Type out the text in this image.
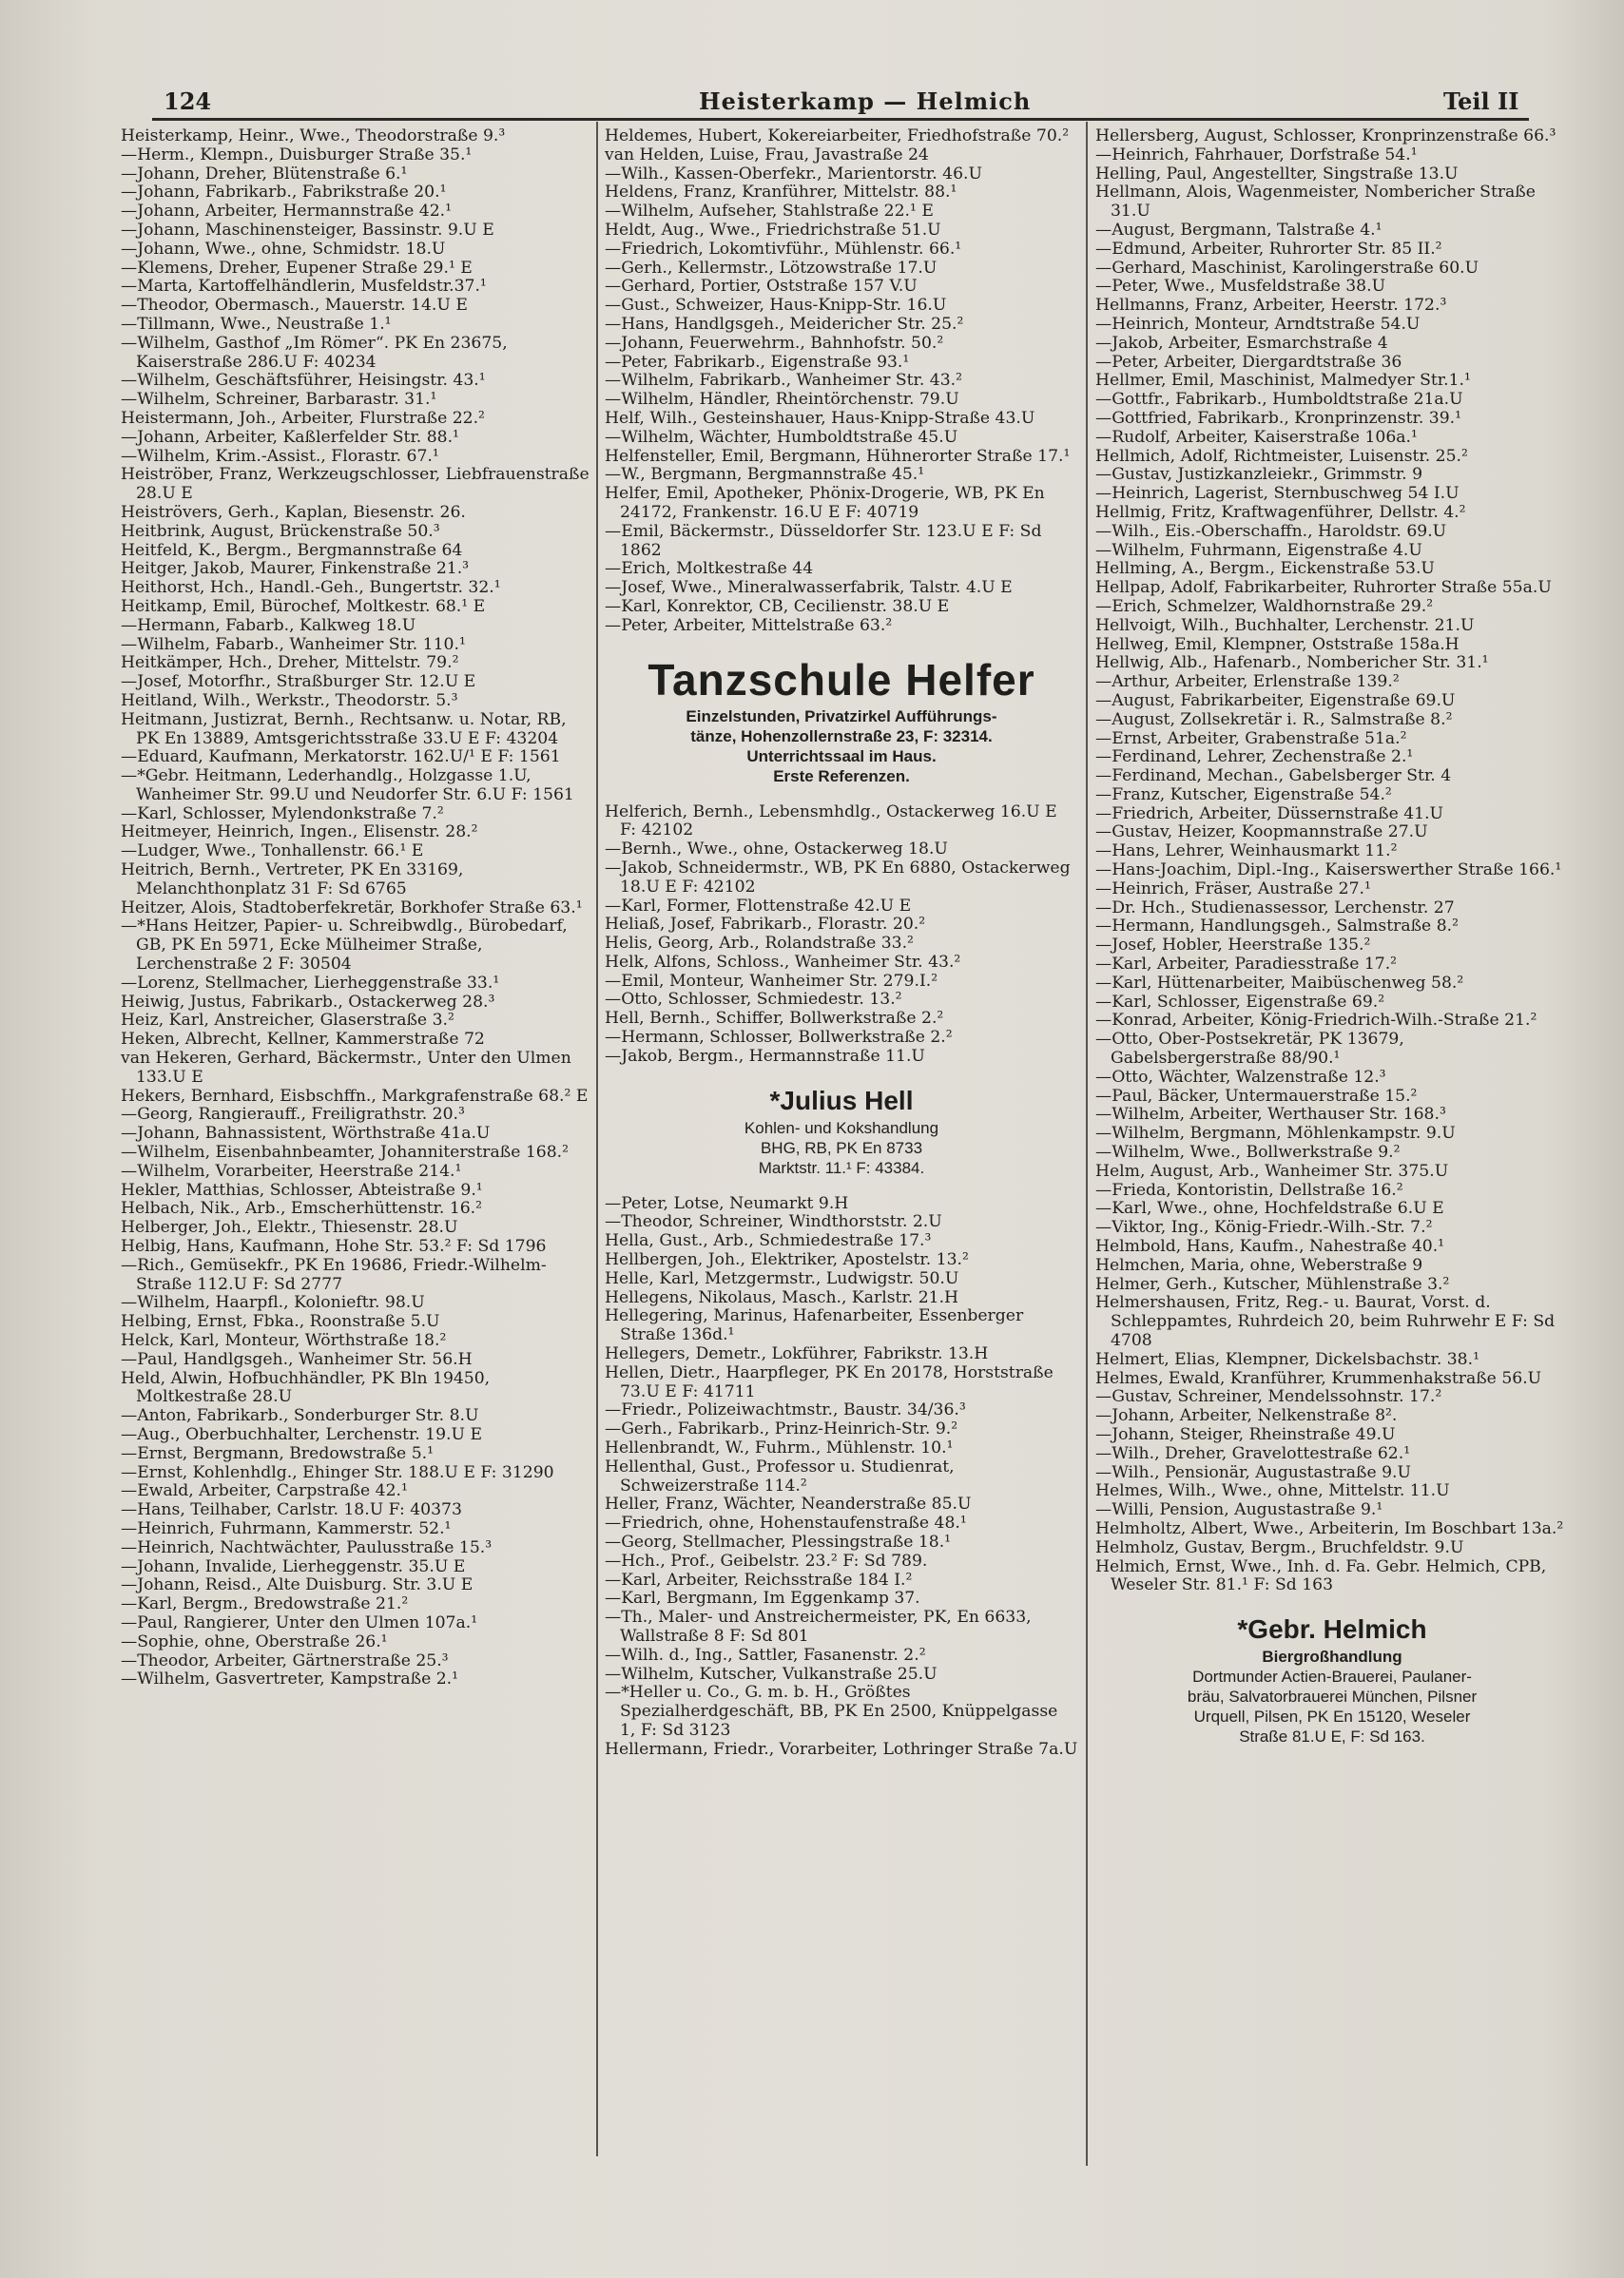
124	Heisterkamp — Helmich	Teil II

Heisterkamp, Heinr., Wwe., Theodorstraße 9.³

—Herm., Klempn., Duisburger Straße 35.¹

—Johann, Dreher, Blütenstraße 6.¹

—Johann, Fabrikarb., Fabrikstraße 20.¹

—Johann, Arbeiter, Hermannstraße 42.¹

—Johann, Maschinensteiger, Bassinstr. 9.U E

—Johann, Wwe., ohne, Schmidstr. 18.U

—Klemens, Dreher, Eupener Straße 29.¹ E

—Marta, Kartoffelhändlerin, Musfeldstr.37.¹

—Theodor, Obermasch., Mauerstr. 14.U E

—Tillmann, Wwe., Neustraße 1.¹

—Wilhelm, Gasthof „Im Römer“. PK En 23675, Kaiserstraße 286.U F: 40234

—Wilhelm, Geschäftsführer, Heisingstr. 43.¹

—Wilhelm, Schreiner, Barbarastr. 31.¹

Heistermann, Joh., Arbeiter, Flurstraße 22.²

—Johann, Arbeiter, Kaßlerfelder Str. 88.¹

—Wilhelm, Krim.-Assist., Florastr. 67.¹

Heiströber, Franz, Werkzeugschlosser, Liebfrauenstraße 28.U E

Heiströvers, Gerh., Kaplan, Biesenstr. 26.

Heitbrink, August, Brückenstraße 50.³

Heitfeld, K., Bergm., Bergmannstraße 64

Heitger, Jakob, Maurer, Finkenstraße 21.³

Heithorst, Hch., Handl.-Geh., Bungertstr. 32.¹

Heitkamp, Emil, Bürochef, Moltkestr. 68.¹ E

—Hermann, Fabarb., Kalkweg 18.U

—Wilhelm, Fabarb., Wanheimer Str. 110.¹

Heitkämper, Hch., Dreher, Mittelstr. 79.²

—Josef, Motorfhr., Straßburger Str. 12.U E

Heitland, Wilh., Werkstr., Theodorstr. 5.³

Heitmann, Justizrat, Bernh., Rechtsanw. u. Notar, RB, PK En 13889, Amtsgerichtsstraße 33.U E F: 43204

—Eduard, Kaufmann, Merkatorstr. 162.U/¹ E F: 1561

—*Gebr. Heitmann, Lederhandlg., Holzgasse 1.U, Wanheimer Str. 99.U und Neudorfer Str. 6.U F: 1561

—Karl, Schlosser, Mylendonkstraße 7.²

Heitmeyer, Heinrich, Ingen., Elisenstr. 28.²

—Ludger, Wwe., Tonhallenstr. 66.¹ E

Heitrich, Bernh., Vertreter, PK En 33169, Melanchthonplatz 31 F: Sd 6765

Heitzer, Alois, Stadtoberfekretär, Borkhofer Straße 63.¹

—*Hans Heitzer, Papier- u. Schreibwdlg., Bürobedarf, GB, PK En 5971, Ecke Mülheimer Straße, Lerchenstraße 2 F: 30504

—Lorenz, Stellmacher, Lierheggenstraße 33.¹

Heiwig, Justus, Fabrikarb., Ostackerweg 28.³

Heiz, Karl, Anstreicher, Glaserstraße 3.²

Heken, Albrecht, Kellner, Kammerstraße 72

van Hekeren, Gerhard, Bäckermstr., Unter den Ulmen 133.U E

Hekers, Bernhard, Eisbschffn., Markgrafenstraße 68.² E

—Georg, Rangierauff., Freiligrathstr. 20.³

—Johann, Bahnassistent, Wörthstraße 41a.U

—Wilhelm, Eisenbahnbeamter, Johanniterstraße 168.²

—Wilhelm, Vorarbeiter, Heerstraße 214.¹

Hekler, Matthias, Schlosser, Abteistraße 9.¹

Helbach, Nik., Arb., Emscherhüttenstr. 16.²

Helberger, Joh., Elektr., Thiesenstr. 28.U

Helbig, Hans, Kaufmann, Hohe Str. 53.² F: Sd 1796

—Rich., Gemüsekfr., PK En 19686, Friedr.-Wilhelm-Straße 112.U F: Sd 2777

—Wilhelm, Haarpfl., Kolonieftr. 98.U

Helbing, Ernst, Fbka., Roonstraße 5.U

Helck, Karl, Monteur, Wörthstraße 18.²

—Paul, Handlgsgeh., Wanheimer Str. 56.H

Held, Alwin, Hofbuchhändler, PK Bln 19450, Moltkestraße 28.U

—Anton, Fabrikarb., Sonderburger Str. 8.U

—Aug., Oberbuchhalter, Lerchenstr. 19.U E

—Ernst, Bergmann, Bredowstraße 5.¹

—Ernst, Kohlenhdlg., Ehinger Str. 188.U E F: 31290

—Ewald, Arbeiter, Carpstraße 42.¹

—Hans, Teilhaber, Carlstr. 18.U F: 40373

—Heinrich, Fuhrmann, Kammerstr. 52.¹

—Heinrich, Nachtwächter, Paulusstraße 15.³

—Johann, Invalide, Lierheggenstr. 35.U E

—Johann, Reisd., Alte Duisburg. Str. 3.U E

—Karl, Bergm., Bredowstraße 21.²

—Paul, Rangierer, Unter den Ulmen 107a.¹

—Sophie, ohne, Oberstraße 26.¹

—Theodor, Arbeiter, Gärtnerstraße 25.³

—Wilhelm, Gasvertreter, Kampstraße 2.¹

Heldemes, Hubert, Kokereiarbeiter, Friedhofstraße 70.²

van Helden, Luise, Frau, Javastraße 24

—Wilh., Kassen-Oberfekr., Marientorstr. 46.U

Heldens, Franz, Kranführer, Mittelstr. 88.¹

—Wilhelm, Aufseher, Stahlstraße 22.¹ E

Heldt, Aug., Wwe., Friedrichstraße 51.U

—Friedrich, Lokomtivführ., Mühlenstr. 66.¹

—Gerh., Kellermstr., Lötzowstraße 17.U

—Gerhard, Portier, Oststraße 157 V.U

—Gust., Schweizer, Haus-Knipp-Str. 16.U

—Hans, Handlgsgeh., Meidericher Str. 25.²

—Johann, Feuerwehrm., Bahnhofstr. 50.²

—Peter, Fabrikarb., Eigenstraße 93.¹

—Wilhelm, Fabrikarb., Wanheimer Str. 43.²

—Wilhelm, Händler, Rheintörchenstr. 79.U

Helf, Wilh., Gesteinshauer, Haus-Knipp-Straße 43.U

—Wilhelm, Wächter, Humboldtstraße 45.U

Helfensteller, Emil, Bergmann, Hühnerorter Straße 17.¹

—W., Bergmann, Bergmannstraße 45.¹

Helfer, Emil, Apotheker, Phönix-Drogerie, WB, PK En 24172, Frankenstr. 16.U E F: 40719

—Emil, Bäckermstr., Düsseldorfer Str. 123.U E F: Sd 1862

—Erich, Moltkestraße 44

—Josef, Wwe., Mineralwasserfabrik, Talstr. 4.U E

—Karl, Konrektor, CB, Cecilienstr. 38.U E

—Peter, Arbeiter, Mittelstraße 63.²

Tanzschule Helfer

Einzelstunden, Privatzirkel Aufführungs-

tänze, Hohenzollernstraße 23, F: 32314.

Unterrichtssaal im Haus.

Erste Referenzen.

Helferich, Bernh., Lebensmhdlg., Ostackerweg 16.U E F: 42102

—Bernh., Wwe., ohne, Ostackerweg 18.U

—Jakob, Schneidermstr., WB, PK En 6880, Ostackerweg 18.U E F: 42102

—Karl, Former, Flottenstraße 42.U E

Heliaß, Josef, Fabrikarb., Florastr. 20.²

Helis, Georg, Arb., Rolandstraße 33.²

Helk, Alfons, Schloss., Wanheimer Str. 43.²

—Emil, Monteur, Wanheimer Str. 279.I.²

—Otto, Schlosser, Schmiedestr. 13.²

Hell, Bernh., Schiffer, Bollwerkstraße 2.²

—Hermann, Schlosser, Bollwerkstraße 2.²

—Jakob, Bergm., Hermannstraße 11.U

*Julius Hell

Kohlen- und Kokshandlung

BHG, RB, PK En 8733

Marktstr. 11.¹ F: 43384.

—Peter, Lotse, Neumarkt 9.H

—Theodor, Schreiner, Windthorststr. 2.U

Hella, Gust., Arb., Schmiedestraße 17.³

Hellbergen, Joh., Elektriker, Apostelstr. 13.²

Helle, Karl, Metzgermstr., Ludwigstr. 50.U

Hellegens, Nikolaus, Masch., Karlstr. 21.H

Hellegering, Marinus, Hafenarbeiter, Essenberger Straße 136d.¹

Hellegers, Demetr., Lokführer, Fabrikstr. 13.H

Hellen, Dietr., Haarpfleger, PK En 20178, Horststraße 73.U E F: 41711

—Friedr., Polizeiwachtmstr., Baustr. 34/36.³

—Gerh., Fabrikarb., Prinz-Heinrich-Str. 9.²

Hellenbrandt, W., Fuhrm., Mühlenstr. 10.¹

Hellenthal, Gust., Professor u. Studienrat, Schweizerstraße 114.²

Heller, Franz, Wächter, Neanderstraße 85.U

—Friedrich, ohne, Hohenstaufenstraße 48.¹

—Georg, Stellmacher, Plessingstraße 18.¹

—Hch., Prof., Geibelstr. 23.² F: Sd 789.

—Karl, Arbeiter, Reichsstraße 184 I.²

—Karl, Bergmann, Im Eggenkamp 37.

—Th., Maler- und Anstreichermeister, PK, En 6633, Wallstraße 8 F: Sd 801

—Wilh. d., Ing., Sattler, Fasanenstr. 2.²

—Wilhelm, Kutscher, Vulkanstraße 25.U

—*Heller u. Co., G. m. b. H., Größtes Spezialherdgeschäft, BB, PK En 2500, Knüppelgasse 1, F: Sd 3123

Hellermann, Friedr., Vorarbeiter, Lothringer Straße 7a.U

Hellersberg, August, Schlosser, Kronprinzenstraße 66.³

—Heinrich, Fahrhauer, Dorfstraße 54.¹

Helling, Paul, Angestellter, Singstraße 13.U

Hellmann, Alois, Wagenmeister, Nombericher Straße 31.U

—August, Bergmann, Talstraße 4.¹

—Edmund, Arbeiter, Ruhrorter Str. 85 II.²

—Gerhard, Maschinist, Karolingerstraße 60.U

—Peter, Wwe., Musfeldstraße 38.U

Hellmanns, Franz, Arbeiter, Heerstr. 172.³

—Heinrich, Monteur, Arndtstraße 54.U

—Jakob, Arbeiter, Esmarchstraße 4

—Peter, Arbeiter, Diergardtstraße 36

Hellmer, Emil, Maschinist, Malmedyer Str.1.¹

—Gottfr., Fabrikarb., Humboldtstraße 21a.U

—Gottfried, Fabrikarb., Kronprinzenstr. 39.¹

—Rudolf, Arbeiter, Kaiserstraße 106a.¹

Hellmich, Adolf, Richtmeister, Luisenstr. 25.²

—Gustav, Justizkanzleiekr., Grimmstr. 9

—Heinrich, Lagerist, Sternbuschweg 54 I.U

Hellmig, Fritz, Kraftwagenführer, Dellstr. 4.²

—Wilh., Eis.-Oberschaffn., Haroldstr. 69.U

—Wilhelm, Fuhrmann, Eigenstraße 4.U

Hellming, A., Bergm., Eickenstraße 53.U

Hellpap, Adolf, Fabrikarbeiter, Ruhrorter Straße 55a.U

—Erich, Schmelzer, Waldhornstraße 29.²

Hellvoigt, Wilh., Buchhalter, Lerchenstr. 21.U

Hellweg, Emil, Klempner, Oststraße 158a.H

Hellwig, Alb., Hafenarb., Nombericher Str. 31.¹

—Arthur, Arbeiter, Erlenstraße 139.²

—August, Fabrikarbeiter, Eigenstraße 69.U

—August, Zollsekretär i. R., Salmstraße 8.²

—Ernst, Arbeiter, Grabenstraße 51a.²

—Ferdinand, Lehrer, Zechenstraße 2.¹

—Ferdinand, Mechan., Gabelsberger Str. 4

—Franz, Kutscher, Eigenstraße 54.²

—Friedrich, Arbeiter, Düssernstraße 41.U

—Gustav, Heizer, Koopmannstraße 27.U

—Hans, Lehrer, Weinhausmarkt 11.²

—Hans-Joachim, Dipl.-Ing., Kaiserswerther Straße 166.¹

—Heinrich, Fräser, Austraße 27.¹

—Dr. Hch., Studienassessor, Lerchenstr. 27

—Hermann, Handlungsgeh., Salmstraße 8.²

—Josef, Hobler, Heerstraße 135.²

—Karl, Arbeiter, Paradiesstraße 17.²

—Karl, Hüttenarbeiter, Maibüschenweg 58.²

—Karl, Schlosser, Eigenstraße 69.²

—Konrad, Arbeiter, König-Friedrich-Wilh.-Straße 21.²

—Otto, Ober-Postsekretär, PK 13679, Gabelsbergerstraße 88/90.¹

—Otto, Wächter, Walzenstraße 12.³

—Paul, Bäcker, Untermauerstraße 15.²

—Wilhelm, Arbeiter, Werthauser Str. 168.³

—Wilhelm, Bergmann, Möhlenkampstr. 9.U

—Wilhelm, Wwe., Bollwerkstraße 9.²

Helm, August, Arb., Wanheimer Str. 375.U

—Frieda, Kontoristin, Dellstraße 16.²

—Karl, Wwe., ohne, Hochfeldstraße 6.U E

—Viktor, Ing., König-Friedr.-Wilh.-Str. 7.²

Helmbold, Hans, Kaufm., Nahestraße 40.¹

Helmchen, Maria, ohne, Weberstraße 9

Helmer, Gerh., Kutscher, Mühlenstraße 3.²

Helmershausen, Fritz, Reg.- u. Baurat, Vorst. d. Schleppamtes, Ruhrdeich 20, beim Ruhrwehr E F: Sd 4708

Helmert, Elias, Klempner, Dickelsbachstr. 38.¹

Helmes, Ewald, Kranführer, Krummenhakstraße 56.U

—Gustav, Schreiner, Mendelssohnstr. 17.²

—Johann, Arbeiter, Nelkenstraße 8².

—Johann, Steiger, Rheinstraße 49.U

—Wilh., Dreher, Gravelottestraße 62.¹

—Wilh., Pensionär, Augustastraße 9.U

Helmes, Wilh., Wwe., ohne, Mittelstr. 11.U

—Willi, Pension, Augustastraße 9.¹

Helmholtz, Albert, Wwe., Arbeiterin, Im Boschbart 13a.²

Helmholz, Gustav, Bergm., Bruchfeldstr. 9.U

Helmich, Ernst, Wwe., Inh. d. Fa. Gebr. Helmich, CPB, Weseler Str. 81.¹ F: Sd 163

*Gebr. Helmich

Biergroßhandlung

Dortmunder Actien-Brauerei, Paulaner-

bräu, Salvatorbrauerei München, Pilsner

Urquell, Pilsen, PK En 15120, Weseler

Straße 81.U E, F: Sd 163.
